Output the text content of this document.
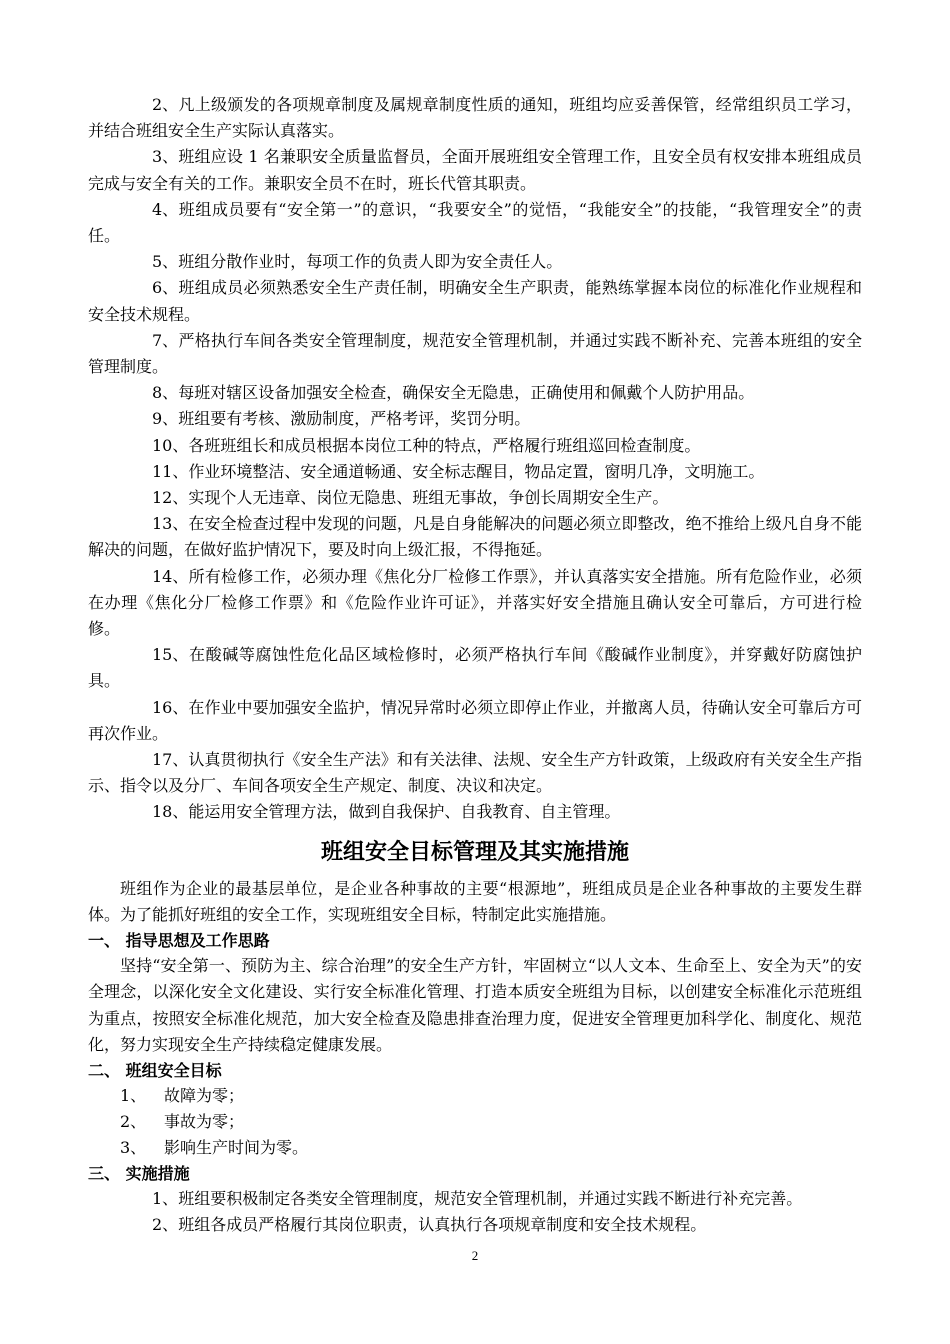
2、凡上级颁发的各项规章制度及属规章制度性质的通知，班组均应妥善保管，经常组织员工学习，并结合班组安全生产实际认真落实。

3、班组应设 1 名兼职安全质量监督员，全面开展班组安全管理工作，且安全员有权安排本班组成员完成与安全有关的工作。兼职安全员不在时，班长代管其职责。

4、班组成员要有“安全第一”的意识，“我要安全”的觉悟，“我能安全”的技能，“我管理安全”的责任。

5、班组分散作业时，每项工作的负责人即为安全责任人。

6、班组成员必须熟悉安全生产责任制，明确安全生产职责，能熟练掌握本岗位的标准化作业规程和安全技术规程。

7、严格执行车间各类安全管理制度，规范安全管理机制，并通过实践不断补充、完善本班组的安全管理制度。

8、每班对辖区设备加强安全检查，确保安全无隐患，正确使用和佩戴个人防护用品。

9、班组要有考核、激励制度，严格考评，奖罚分明。

10、各班班组长和成员根据本岗位工种的特点，严格履行班组巡回检查制度。

11、作业环境整洁、安全通道畅通、安全标志醒目，物品定置，窗明几净，文明施工。

12、实现个人无违章、岗位无隐患、班组无事故，争创长周期安全生产。

13、在安全检查过程中发现的问题，凡是自身能解决的问题必须立即整改，绝不推给上级凡自身不能解决的问题，在做好监护情况下，要及时向上级汇报，不得拖延。

14、所有检修工作，必须办理《焦化分厂检修工作票》，并认真落实安全措施。所有危险作业，必须在办理《焦化分厂检修工作票》和《危险作业许可证》，并落实好安全措施且确认安全可靠后，方可进行检修。

15、在酸碱等腐蚀性危化品区域检修时，必须严格执行车间《酸碱作业制度》，并穿戴好防腐蚀护具。

16、在作业中要加强安全监护，情况异常时必须立即停止作业，并撤离人员，待确认安全可靠后方可再次作业。

17、认真贯彻执行《安全生产法》和有关法律、法规、安全生产方针政策，上级政府有关安全生产指示、指令以及分厂、车间各项安全生产规定、制度、决议和决定。

18、能运用安全管理方法，做到自我保护、自我教育、自主管理。

班组安全目标管理及其实施措施

班组作为企业的最基层单位，是企业各种事故的主要“根源地”，班组成员是企业各种事故的主要发生群体。为了能抓好班组的安全工作，实现班组安全目标，特制定此实施措施。

一、 指导思想及工作思路

坚持“安全第一、预防为主、综合治理”的安全生产方针，牢固树立“以人文本、生命至上、安全为天”的安全理念，以深化安全文化建设、实行安全标准化管理、打造本质安全班组为目标，以创建安全标准化示范班组为重点，按照安全标准化规范，加大安全检查及隐患排查治理力度，促进安全管理更加科学化、制度化、规范化，努力实现安全生产持续稳定健康发展。

二、 班组安全目标

1、 故障为零；

2、 事故为零；

3、 影响生产时间为零。

三、 实施措施

1、班组要积极制定各类安全管理制度，规范安全管理机制，并通过实践不断进行补充完善。

2、班组各成员严格履行其岗位职责，认真执行各项规章制度和安全技术规程。

2
